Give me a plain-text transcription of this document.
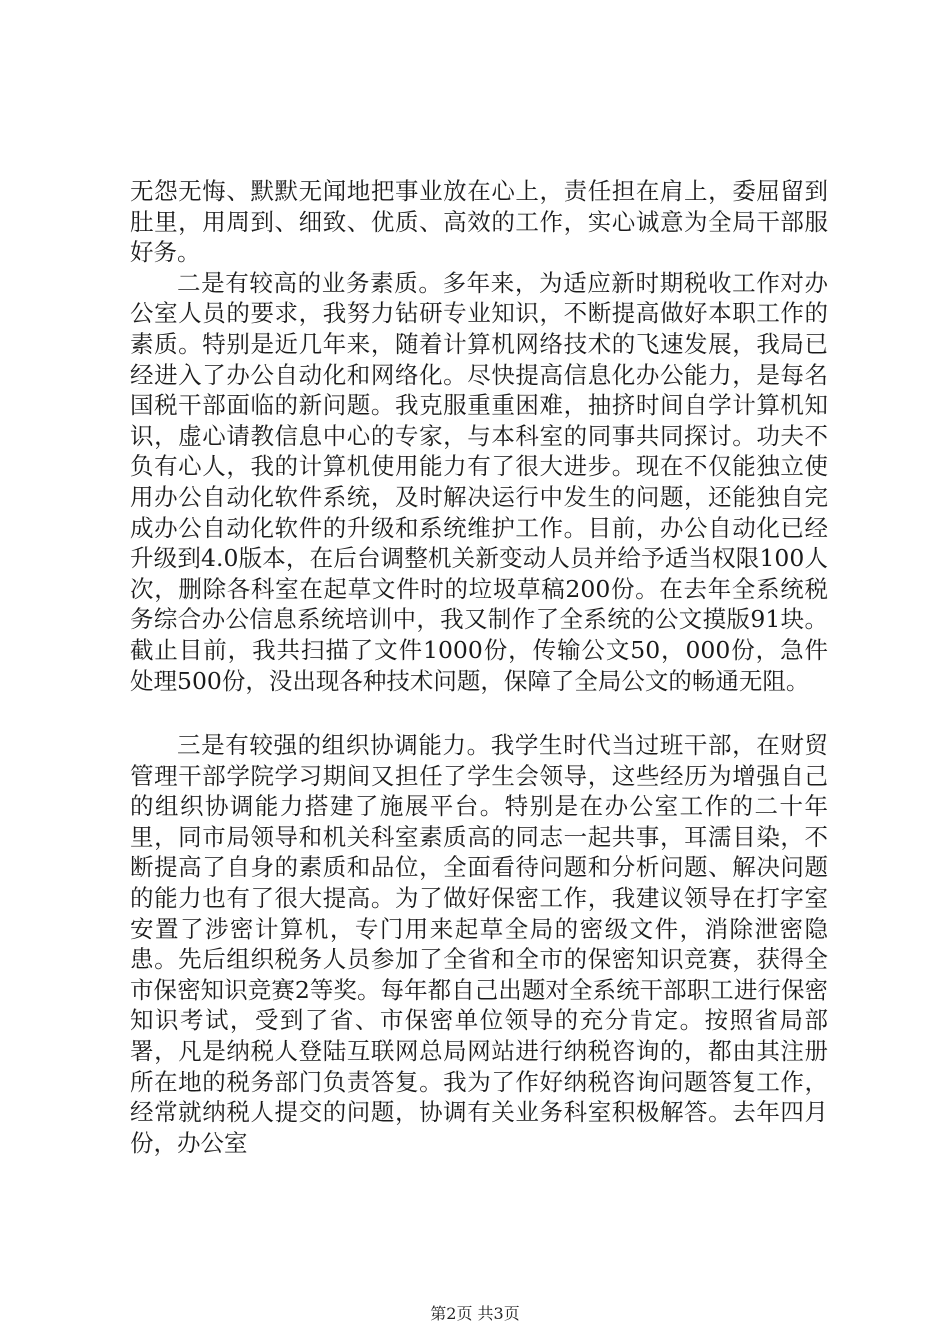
无怨无悔、默默无闻地把事业放在心上，责任担在肩上，委屈留到肚里，用周到、细致、优质、高效的工作，实心诚意为全局干部服好务。

二是有较高的业务素质。多年来，为适应新时期税收工作对办公室人员的要求，我努力钻研专业知识，不断提高做好本职工作的素质。特别是近几年来，随着计算机网络技术的飞速发展，我局已经进入了办公自动化和网络化。尽快提高信息化办公能力，是每名国税干部面临的新问题。我克服重重困难，抽挤时间自学计算机知识，虚心请教信息中心的专家，与本科室的同事共同探讨。功夫不负有心人，我的计算机使用能力有了很大进步。现在不仅能独立使用办公自动化软件系统，及时解决运行中发生的问题，还能独自完成办公自动化软件的升级和系统维护工作。目前，办公自动化已经升级到4.0版本，在后台调整机关新变动人员并给予适当权限100人次，删除各科室在起草文件时的垃圾草稿200份。在去年全系统税务综合办公信息系统培训中，我又制作了全系统的公文摸版91块。截止目前，我共扫描了文件1000份，传输公文50，000份，急件处理500份，没出现各种技术问题，保障了全局公文的畅通无阻。

三是有较强的组织协调能力。我学生时代当过班干部，在财贸管理干部学院学习期间又担任了学生会领导，这些经历为增强自己的组织协调能力搭建了施展平台。特别是在办公室工作的二十年里，同市局领导和机关科室素质高的同志一起共事，耳濡目染，不断提高了自身的素质和品位，全面看待问题和分析问题、解决问题的能力也有了很大提高。为了做好保密工作，我建议领导在打字室安置了涉密计算机，专门用来起草全局的密级文件，消除泄密隐患。先后组织税务人员参加了全省和全市的保密知识竞赛，获得全市保密知识竞赛2等奖。每年都自己出题对全系统干部职工进行保密知识考试，受到了省、市保密单位领导的充分肯定。按照省局部署，凡是纳税人登陆互联网总局网站进行纳税咨询的，都由其注册所在地的税务部门负责答复。我为了作好纳税咨询问题答复工作，经常就纳税人提交的问题，协调有关业务科室积极解答。去年四月份，办公室

第2页 共3页
